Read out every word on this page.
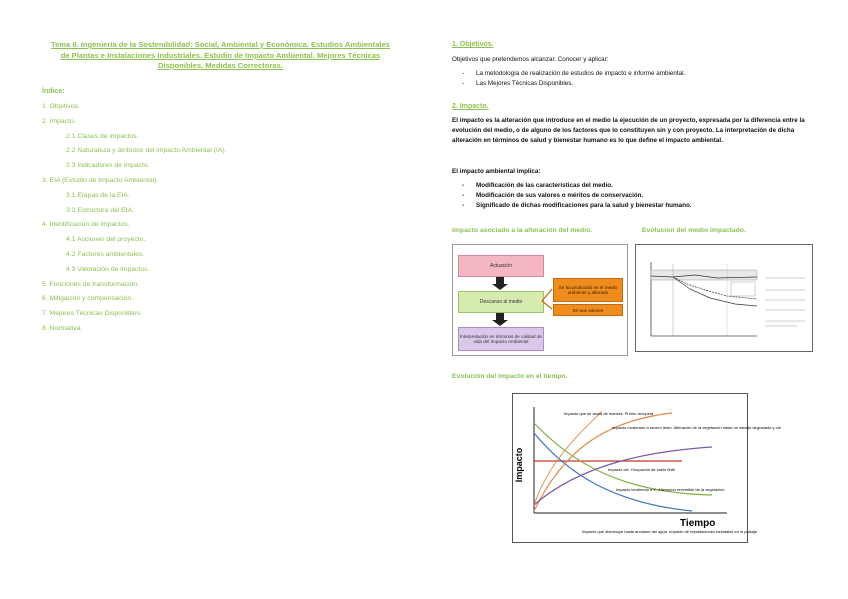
Tema 6. Ingeniería de la Sostenibilidad: Social, Ambiental y Económica. Estudios Ambientales de Plantas e Instalaciones Industriales. Estudio de Impacto Ambiental. Mejores Técnicas Disponibles. Medidas Correctoras.
Índice:
1. Objetivos.
2. Impacto.
2.1 Clases de impactos.
2.2 Naturaleza y atributos del impacto Ambiental (IA).
2.3 Indicadores de impacto.
3. EIA (Estudio de Impacto Ambiental).
3.1 Etapas de la EIA.
3.2 Estructura del EIA.
4. Identificación de impactos.
4.1 Acciones del proyecto.
4.2 Factores ambientales.
4.3 Valoración de impactos.
5. Funciones de transformación.
6. Mitigación y compensación.
7. Mejores Técnicas Disponibles.
8. Normativa.
1. Objetivos.
Objetivos que pretendemos alcanzar. Conocer y aplicar:
- La metodología de realización de estudios de impacto e informe ambiental.
- Las Mejores Técnicas Disponibles.
2. Impacto.
El impacto es la alteración que introduce en el medio la ejecución de un proyecto, expresada por la diferencia entre la evolución del medio, o de alguno de los factores que lo constituyen sin y con proyecto. La interpretación de dicha alteración en términos de salud y bienestar humano es lo que define el impacto ambiental.
El impacto ambiental implica:
- Modificación de las características del medio.
- Modificación de sus valores o méritos de conservación.
- Significado de dichas modificaciones para la salud y bienestar humano.
Impacto asociado a la alteración del medio.	Evolución del medio impactado.
Actuación
Descanso al medio
Se ha producido en el medio ambiente y alterado
En sus valores
Interpretación en términos de calidad de vida del Impacto Ambiental
Evolución del impacto en el tiempo.
Impacto
Tiempo
Impacto que se anula de manera. Pronto recupera
Impacto moderado a severo lento. Alteración de la vegetación hasta un estado degradado y cte
Impacto cte. Ocupación de suelo fértil
Impacto tendiendo a K. Alteración reversible de la vegetación
Impacto que disminuye hasta anularse del agua. Impacto de repoblaciones forestales en el paisaje
